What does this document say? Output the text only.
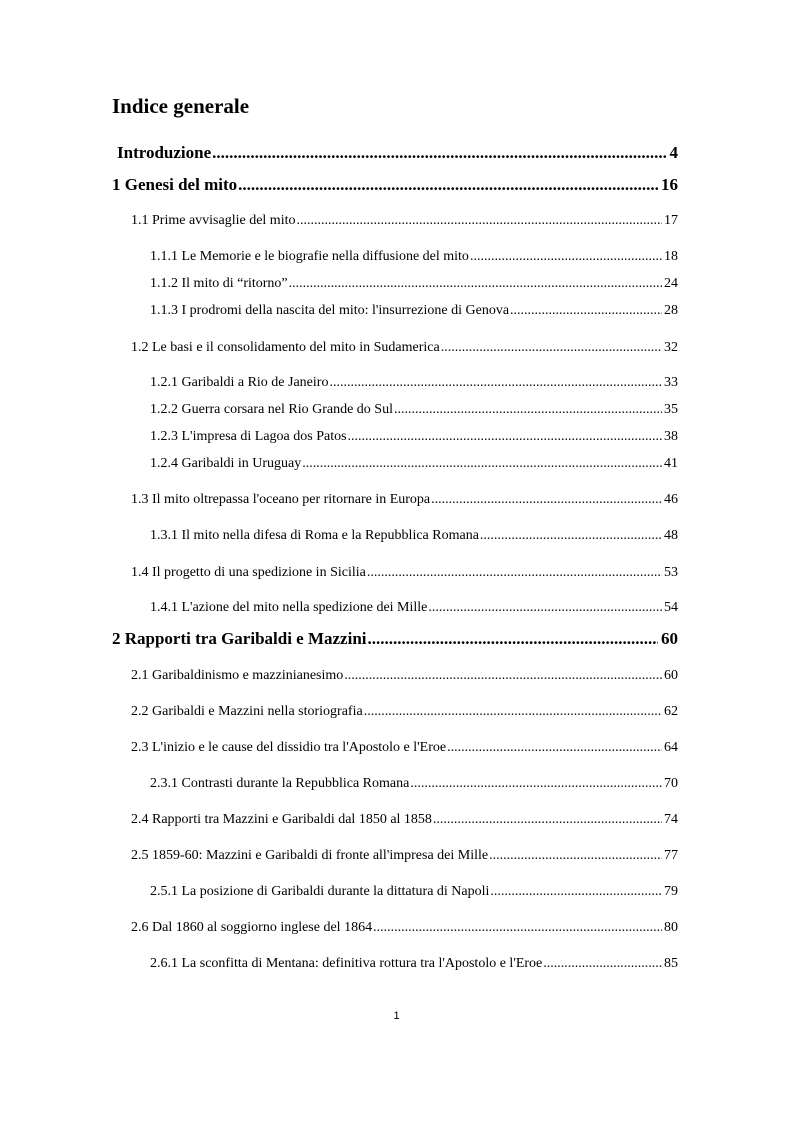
Indice generale
Introduzione .....	4
1 Genesi del mito .....	16
1.1 Prime avvisaglie del mito .....	17
1.1.1 Le Memorie e le biografie nella diffusione del mito .....	18
1.1.2 Il mito di “ritorno” .....	24
1.1.3 I prodromi della nascita del mito: l'insurrezione di Genova .....	28
1.2 Le basi e il consolidamento del mito in Sudamerica .....	32
1.2.1 Garibaldi a Rio de Janeiro .....	33
1.2.2 Guerra corsara nel Rio Grande do Sul .....	35
1.2.3 L'impresa di Lagoa dos Patos .....	38
1.2.4 Garibaldi in Uruguay .....	41
1.3 Il mito oltrepassa l'oceano per ritornare in Europa .....	46
1.3.1 Il mito nella difesa di Roma e la Repubblica Romana .....	48
1.4 Il progetto di una spedizione in Sicilia .....	53
1.4.1 L'azione del mito nella spedizione dei Mille .....	54
2 Rapporti tra Garibaldi e Mazzini .....	60
2.1 Garibaldinismo e mazzinianesimo .....	60
2.2 Garibaldi e Mazzini nella storiografia .....	62
2.3 L'inizio e le cause del dissidio tra l'Apostolo e l'Eroe .....	64
2.3.1 Contrasti durante la Repubblica Romana .....	70
2.4 Rapporti tra Mazzini e Garibaldi dal 1850 al 1858 .....	74
2.5 1859-60: Mazzini e Garibaldi di fronte all'impresa dei Mille .....	77
2.5.1 La posizione di Garibaldi durante la dittatura di Napoli .....	79
2.6 Dal 1860 al soggiorno inglese del 1864 .....	80
2.6.1 La sconfitta di Mentana: definitiva rottura tra l'Apostolo e l'Eroe .....	85
1
